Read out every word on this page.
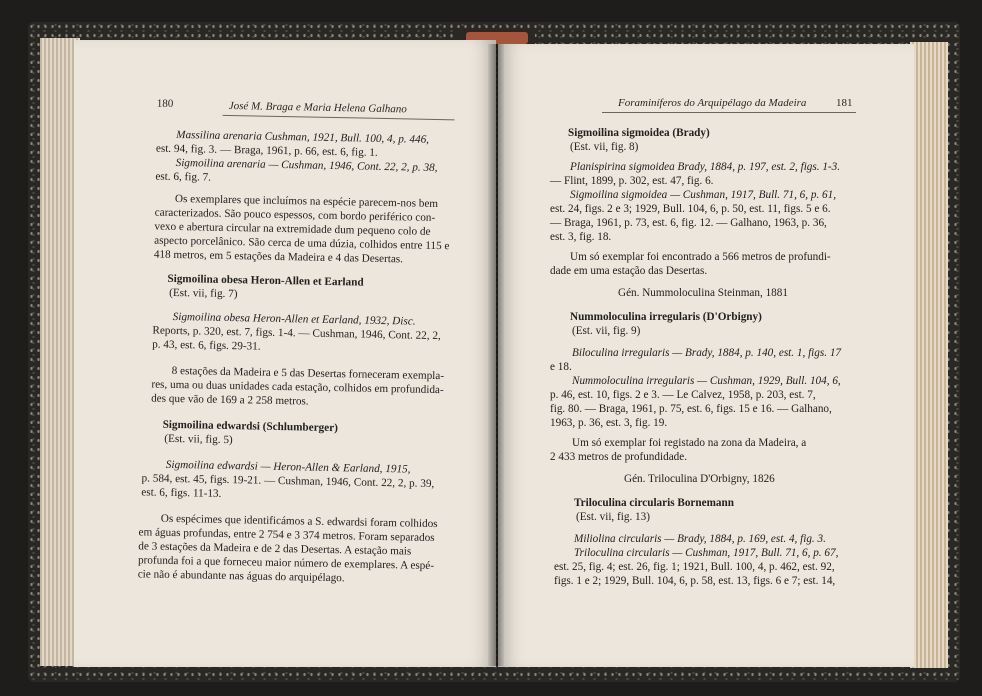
180	José M. Braga e Maria Helena Galhano
Massilina arenaria Cushman, 1921, Bull. 100, 4, p. 446,
est. 94, fig. 3. — Braga, 1961, p. 66, est. 6, fig. 1.
Sigmoilina arenaria — Cushman, 1946, Cont. 22, 2, p. 38,
est. 6, fig. 7.
Os exemplares que incluímos na espécie parecem-nos bem
caracterizados. São pouco espessos, com bordo periférico con-
vexo e abertura circular na extremidade dum pequeno colo de
aspecto porcelânico. São cerca de uma dúzia, colhidos entre 115 e
418 metros, em 5 estações da Madeira e 4 das Desertas.
Sigmoilina obesa Heron-Allen et Earland
(Est. vii, fig. 7)
Sigmoilina obesa Heron-Allen et Earland, 1932, Disc.
Reports, p. 320, est. 7, figs. 1-4. — Cushman, 1946, Cont. 22, 2,
p. 43, est. 6, figs. 29-31.
8 estações da Madeira e 5 das Desertas forneceram exempla-
res, uma ou duas unidades cada estação, colhidos em profundida-
des que vão de 169 a 2 258 metros.
Sigmoilina edwardsi (Schlumberger)
(Est. vii, fig. 5)
Sigmoilina edwardsi — Heron-Allen & Earland, 1915,
p. 584, est. 45, figs. 19-21. — Cushman, 1946, Cont. 22, 2, p. 39,
est. 6, figs. 11-13.
Os espécimes que identificámos a S. edwardsi foram colhidos
em águas profundas, entre 2 754 e 3 374 metros. Foram separados
de 3 estações da Madeira e de 2 das Desertas. A estação mais
profunda foi a que forneceu maior número de exemplares. A espé-
cie não é abundante nas águas do arquipélago.
Foraminíferos do Arquipélago da Madeira	181
Sigmoilina sigmoidea (Brady)
(Est. vii, fig. 8)
Planispirina sigmoidea Brady, 1884, p. 197, est. 2, figs. 1-3.
— Flint, 1899, p. 302, est. 47, fig. 6.
Sigmoilina sigmoidea — Cushman, 1917, Bull. 71, 6, p. 61,
est. 24, figs. 2 e 3; 1929, Bull. 104, 6, p. 50, est. 11, figs. 5 e 6.
— Braga, 1961, p. 73, est. 6, fig. 12. — Galhano, 1963, p. 36,
est. 3, fig. 18.
Um só exemplar foi encontrado a 566 metros de profundi-
dade em uma estação das Desertas.
Gén. Nummoloculina Steinman, 1881
Nummoloculina irregularis (D'Orbigny)
(Est. vii, fig. 9)
Biloculina irregularis — Brady, 1884, p. 140, est. 1, figs. 17
e 18.
Nummoloculina irregularis — Cushman, 1929, Bull. 104, 6,
p. 46, est. 10, figs. 2 e 3. — Le Calvez, 1958, p. 203, est. 7,
fig. 80. — Braga, 1961, p. 75, est. 6, figs. 15 e 16. — Galhano,
1963, p. 36, est. 3, fig. 19.
Um só exemplar foi registado na zona da Madeira, a
2 433 metros de profundidade.
Gén. Triloculina D'Orbigny, 1826
Triloculina circularis Bornemann
(Est. vii, fig. 13)
Miliolina circularis — Brady, 1884, p. 169, est. 4, fig. 3.
Triloculina circularis — Cushman, 1917, Bull. 71, 6, p. 67,
est. 25, fig. 4; est. 26, fig. 1; 1921, Bull. 100, 4, p. 462, est. 92,
figs. 1 e 2; 1929, Bull. 104, 6, p. 58, est. 13, figs. 6 e 7; est. 14,
